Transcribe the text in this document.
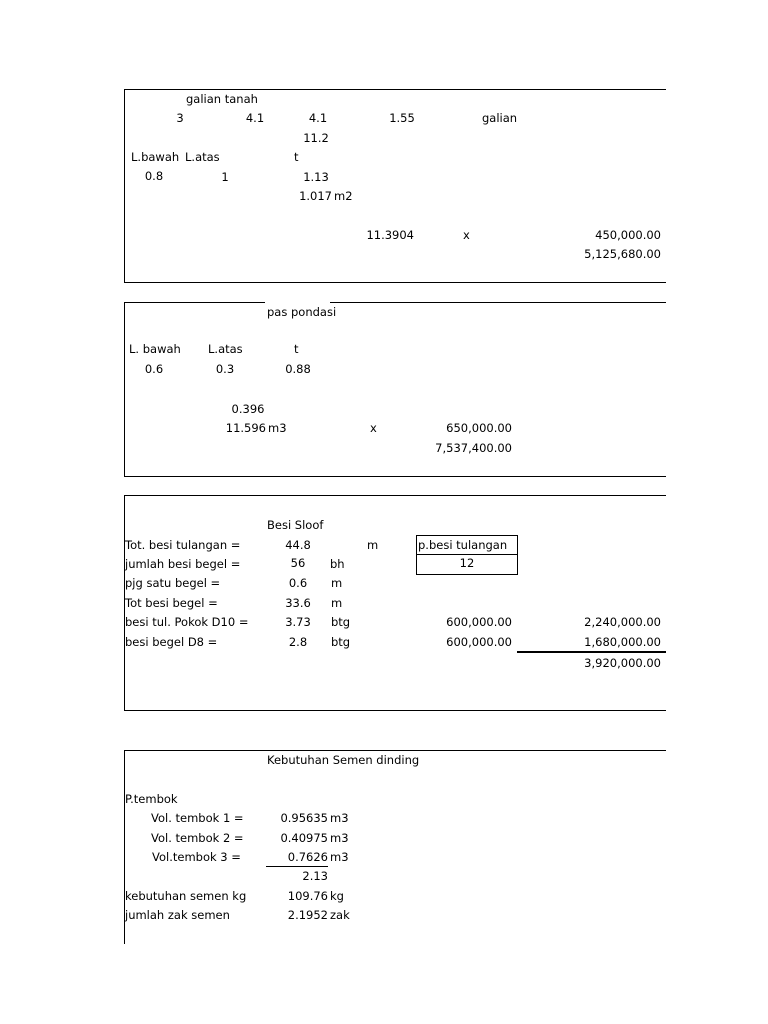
galian tanah
3	4.1	4.1	1.55	galian
11.2
L.bawah L.atas	t
0.8	1	1.13
1.017 m2
11.3904	x	450,000.00
5,125,680.00
pas pondasi
L. bawah L.atas	t
0.6	0.3	0.88
0.396
11.596 m3	x	650,000.00
7,537,400.00
Besi Sloof
Tot. besi tulangan =	44.8	m
jumlah besi begel =	56	bh
pjg satu begel =	0.6	m
Tot besi begel =	33.6 m
besi tul. Pokok D10 =	3.73	btg	600,000.00	2,240,000.00
besi begel D8 =	2.8	btg	600,000.00	1,680,000.00
p.besi tulangan
12
3,920,000.00
Kebutuhan Semen dinding
P.tembok
Vol. tembok 1 =	0.95635 m3
Vol. tembok 2 =	0.40975 m3
Vol.tembok 3 =	0.7626 m3
2.13
kebutuhan semen kg	109.76 kg
jumlah zak semen	2.1952 zak
